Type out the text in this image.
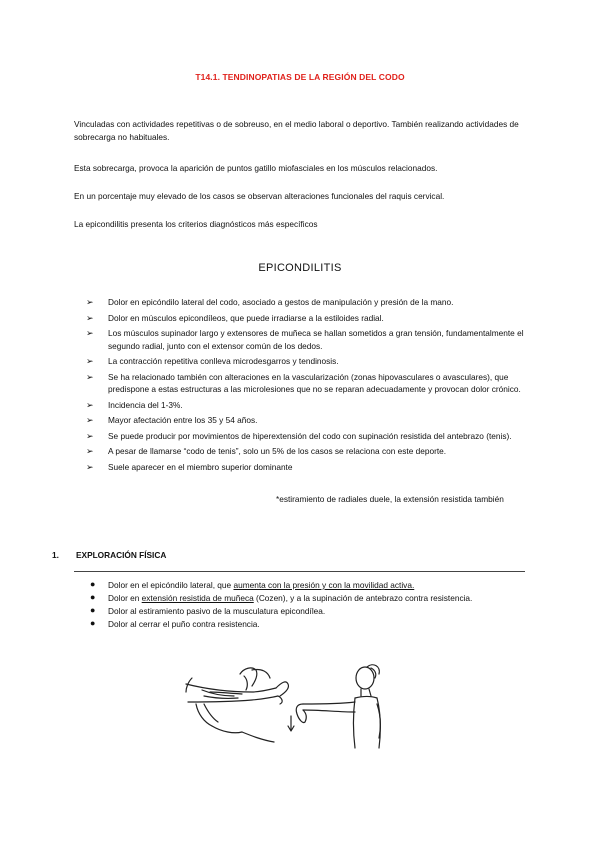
T14.1. TENDINOPATIAS DE LA REGIÓN DEL CODO

Vinculadas con actividades repetitivas o de sobreuso, en el medio laboral o deportivo. También realizando actividades de sobrecarga no habituales.

Esta sobrecarga, provoca la aparición de puntos gatillo miofasciales en los músculos relacionados.

En un porcentaje muy elevado de los casos se observan alteraciones funcionales del raquis cervical.

La epicondilitis presenta los criterios diagnósticos más específicos

EPICONDILITIS
➢ Dolor en epicóndilo lateral del codo, asociado a gestos de manipulación y presión de la mano.
➢ Dolor en músculos epicondíleos, que puede irradiarse a la estiloides radial.
➢ Los músculos supinador largo y extensores de muñeca se hallan sometidos a gran tensión, fundamentalmente el segundo radial, junto con el extensor común de los dedos.
➢ La contracción repetitiva conlleva microdesgarros y tendinosis.
➢ Se ha relacionado también con alteraciones en la vascularización (zonas hipovasculares o avasculares), que predispone a estas estructuras a las microlesiones que no se reparan adecuadamente y provocan dolor crónico.
➢ Incidencia del 1-3%.
➢ Mayor afectación entre los 35 y 54 años.
➢ Se puede producir por movimientos de hiperextensión del codo con supinación resistida del antebrazo (tenis).
➢ A pesar de llamarse “codo de tenis”, solo un 5% de los casos se relaciona con este deporte.
➢ Suele aparecer en el miembro superior dominante
*estiramiento de radiales duele, la extensión resistida también
1. EXPLORACIÓN FÍSICA
● Dolor en el epicóndilo lateral, que aumenta con la presión y con la movilidad activa.
● Dolor en extensión resistida de muñeca (Cozen), y a la supinación de antebrazo contra resistencia.
● Dolor al estiramiento pasivo de la musculatura epicondílea.
● Dolor al cerrar el puño contra resistencia.
